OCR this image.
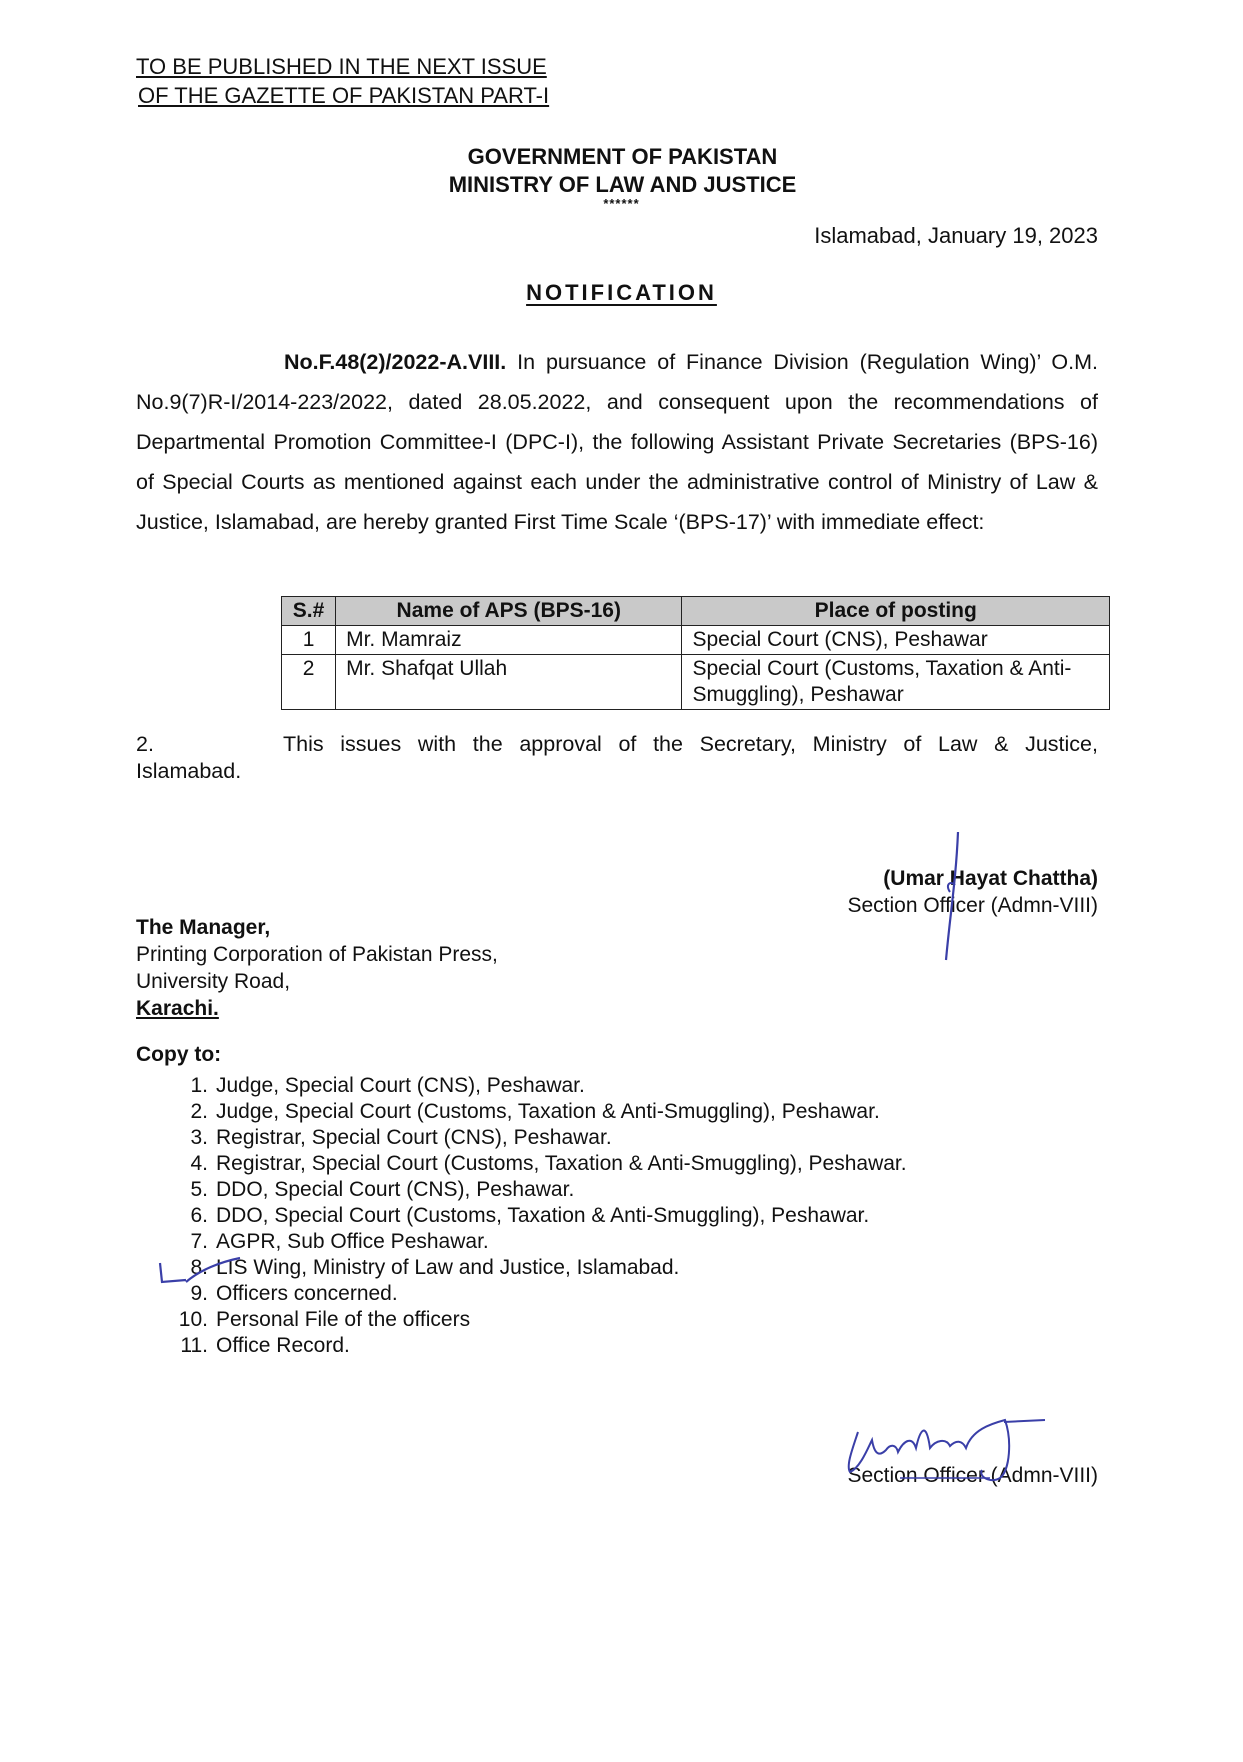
TO BE PUBLISHED IN THE NEXT ISSUE
OF THE GAZETTE OF PAKISTAN PART-I
GOVERNMENT OF PAKISTAN
MINISTRY OF LAW AND JUSTICE
******
Islamabad, January 19, 2023
NOTIFICATION
No.F.48(2)/2022-A.VIII. In pursuance of Finance Division (Regulation Wing)’ O.M. No.9(7)R-I/2014-223/2022, dated 28.05.2022, and consequent upon the recommendations of Departmental Promotion Committee-I (DPC-I), the following Assistant Private Secretaries (BPS-16) of Special Courts as mentioned against each under the administrative control of Ministry of Law & Justice, Islamabad, are hereby granted First Time Scale ‘(BPS-17)’ with immediate effect:
S.#	Name of APS (BPS-16)	Place of posting
1	Mr. Mamraiz	Special Court (CNS), Peshawar
2	Mr. Shafqat Ullah	Special Court (Customs, Taxation & Anti-Smuggling), Peshawar
2.	This issues with the approval of the Secretary, Ministry of Law & Justice,
Islamabad.
(Umar Hayat Chattha)
Section Officer (Admn-VIII)
The Manager,
Printing Corporation of Pakistan Press,
University Road,
Karachi.
Copy to:
1. Judge, Special Court (CNS), Peshawar.
2. Judge, Special Court (Customs, Taxation & Anti-Smuggling), Peshawar.
3. Registrar, Special Court (CNS), Peshawar.
4. Registrar, Special Court (Customs, Taxation & Anti-Smuggling), Peshawar.
5. DDO, Special Court (CNS), Peshawar.
6. DDO, Special Court (Customs, Taxation & Anti-Smuggling), Peshawar.
7. AGPR, Sub Office Peshawar.
8. LIS Wing, Ministry of Law and Justice, Islamabad.
9. Officers concerned.
10. Personal File of the officers
11. Office Record.
Section Officer (Admn-VIII)
